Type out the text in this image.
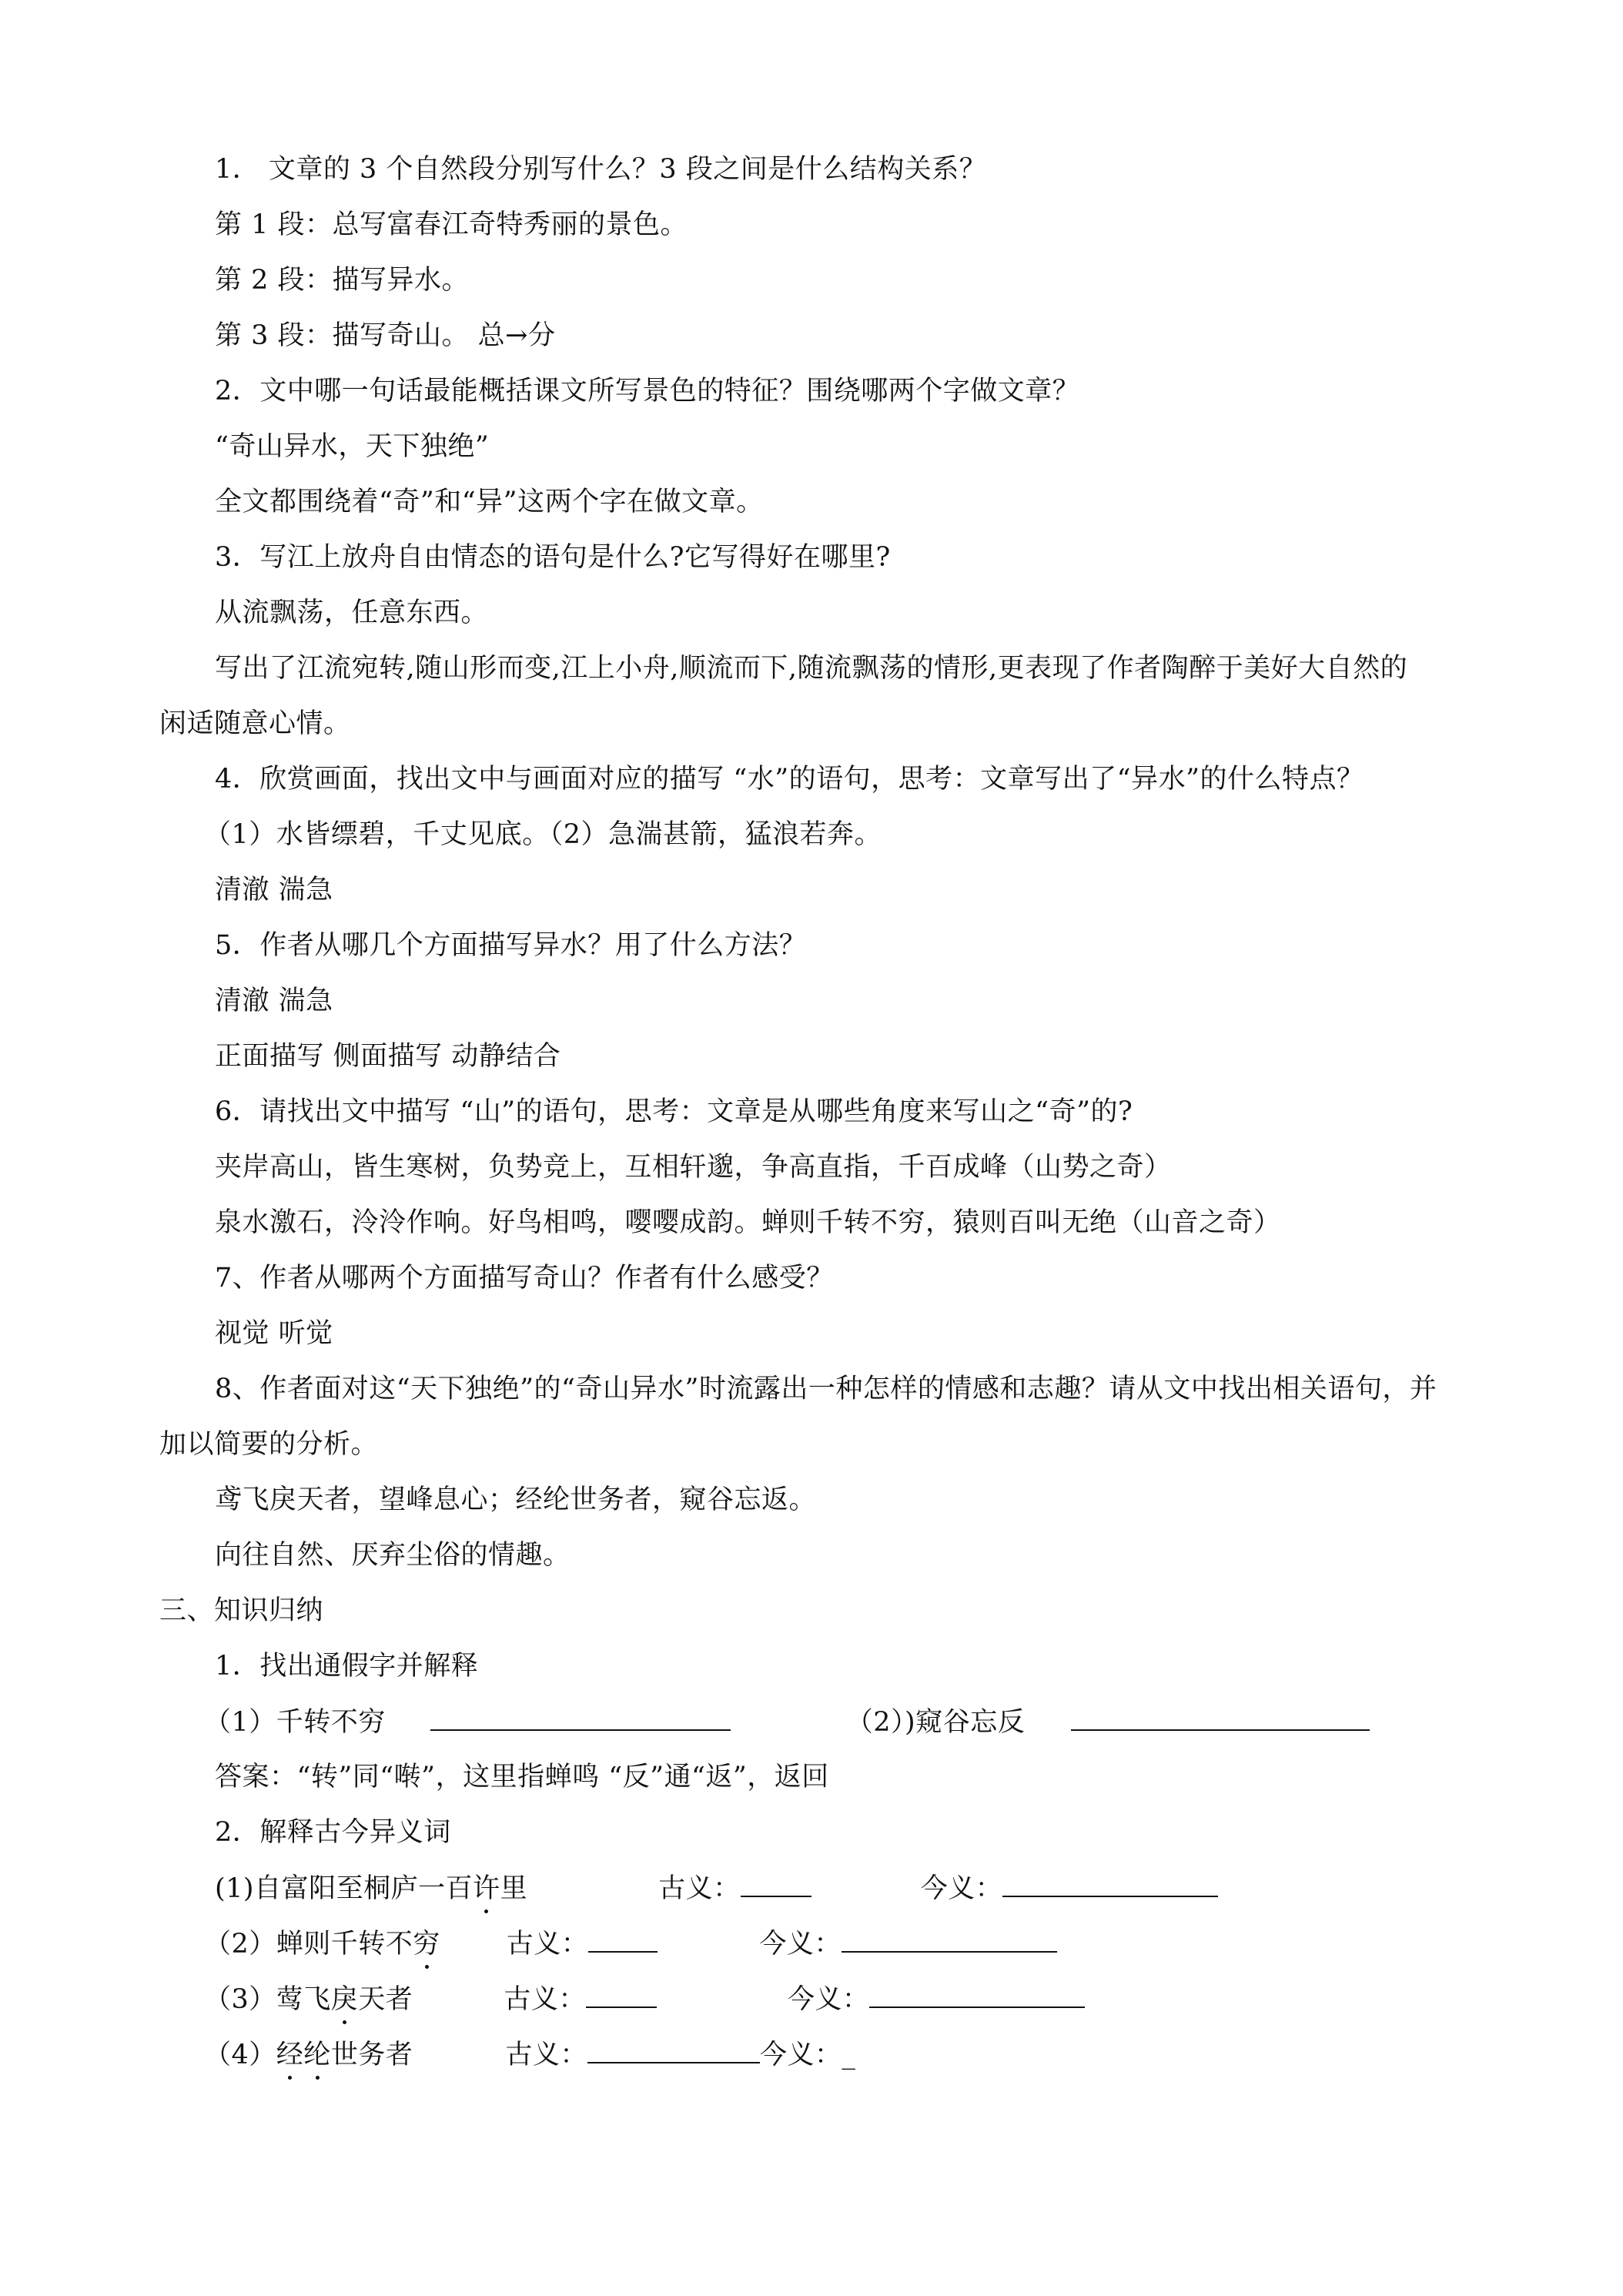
1． 文章的 3 个自然段分别写什么？3 段之间是什么结构关系？
第 1 段：总写富春江奇特秀丽的景色。
第 2 段：描写异水。
第 3 段：描写奇山。 总→分
2．文中哪一句话最能概括课文所写景色的特征？围绕哪两个字做文章？
“奇山异水，天下独绝”
全文都围绕着“奇”和“异”这两个字在做文章。
3．写江上放舟自由情态的语句是什么?它写得好在哪里?
从流飘荡，任意东西。
写出了江流宛转,随山形而变,江上小舟,顺流而下,随流飘荡的情形,更表现了作者陶醉于美好大自然的
闲适随意心情。
4．欣赏画面，找出文中与画面对应的描写 “水”的语句，思考：文章写出了“异水”的什么特点？
（1）水皆缥碧，千丈见底。（2）急湍甚箭，猛浪若奔。
清澈 湍急
5．作者从哪几个方面描写异水？用了什么方法？
清澈 湍急
正面描写 侧面描写 动静结合
6．请找出文中描写 “山”的语句，思考：文章是从哪些角度来写山之“奇”的?
夹岸高山，皆生寒树，负势竞上，互相轩邈，争高直指，千百成峰（山势之奇）
泉水激石，泠泠作响。好鸟相鸣，嘤嘤成韵。蝉则千转不穷，猿则百叫无绝（山音之奇）
7、作者从哪两个方面描写奇山？作者有什么感受？
视觉 听觉
8、作者面对这“天下独绝”的“奇山异水”时流露出一种怎样的情感和志趣？请从文中找出相关语句，并
加以简要的分析。
鸢飞戾天者，望峰息心；经纶世务者，窥谷忘返。
向往自然、厌弃尘俗的情趣。
三、知识归纳
1．找出通假字并解释
（1）千转不穷	（2）)窥谷忘反
答案：“转”同“啭”，这里指蝉鸣 “反”通“返”，返回
2．解释古今异义词
(1)自富阳至桐庐一百许里	古义：	今义：
（2）蝉则千转不穷 古义：	今义：
（3）莺飞戾天者	古义：	今义：
（4）经纶世务者	古义：	今义：_
